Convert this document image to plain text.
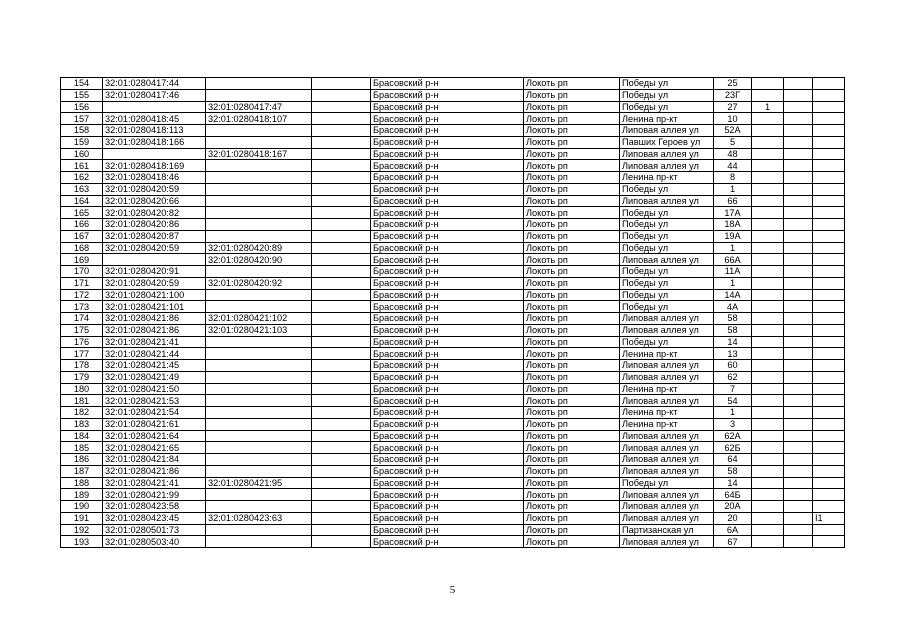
154	32:01:0280417:44			Брасовский р-н	Локоть рп	Победы ул	25			
155	32:01:0280417:46			Брасовский р-н	Локоть рп	Победы ул	23Г			
156		32:01:0280417:47		Брасовский р-н	Локоть рп	Победы ул	27	1		
157	32:01:0280418:45	32:01:0280418:107		Брасовский р-н	Локоть рп	Ленина пр-кт	10			
158	32:01:0280418:113			Брасовский р-н	Локоть рп	Липовая аллея ул	52А			
159	32:01:0280418:166			Брасовский р-н	Локоть рп	Павших Героев ул	5			
160		32:01:0280418:167		Брасовский р-н	Локоть рп	Липовая аллея ул	48			
161	32:01:0280418:169			Брасовский р-н	Локоть рп	Липовая аллея ул	44			
162	32:01:0280418:46			Брасовский р-н	Локоть рп	Ленина пр-кт	8			
163	32:01:0280420:59			Брасовский р-н	Локоть рп	Победы ул	1			
164	32:01:0280420:66			Брасовский р-н	Локоть рп	Липовая аллея ул	66			
165	32:01:0280420:82			Брасовский р-н	Локоть рп	Победы ул	17А			
166	32:01:0280420:86			Брасовский р-н	Локоть рп	Победы ул	18А			
167	32:01:0280420:87			Брасовский р-н	Локоть рп	Победы ул	19А			
168	32:01:0280420:59	32:01:0280420:89		Брасовский р-н	Локоть рп	Победы ул	1			
169		32:01:0280420:90		Брасовский р-н	Локоть рп	Липовая аллея ул	66А			
170	32:01:0280420:91			Брасовский р-н	Локоть рп	Победы ул	11А			
171	32:01:0280420:59	32:01:0280420:92		Брасовский р-н	Локоть рп	Победы ул	1			
172	32:01:0280421:100			Брасовский р-н	Локоть рп	Победы ул	14А			
173	32:01:0280421:101			Брасовский р-н	Локоть рп	Победы ул	4А			
174	32:01:0280421:86	32:01:0280421:102		Брасовский р-н	Локоть рп	Липовая аллея ул	58			
175	32:01:0280421:86	32:01:0280421:103		Брасовский р-н	Локоть рп	Липовая аллея ул	58			
176	32:01:0280421:41			Брасовский р-н	Локоть рп	Победы ул	14			
177	32:01:0280421:44			Брасовский р-н	Локоть рп	Ленина пр-кт	13			
178	32:01:0280421:45			Брасовский р-н	Локоть рп	Липовая аллея ул	60			
179	32:01:0280421:49			Брасовский р-н	Локоть рп	Липовая аллея ул	62			
180	32:01:0280421:50			Брасовский р-н	Локоть рп	Ленина пр-кт	7			
181	32:01:0280421:53			Брасовский р-н	Локоть рп	Липовая аллея ул	54			
182	32:01:0280421:54			Брасовский р-н	Локоть рп	Ленина пр-кт	1			
183	32:01:0280421:61			Брасовский р-н	Локоть рп	Ленина пр-кт	3			
184	32:01:0280421:64			Брасовский р-н	Локоть рп	Липовая аллея ул	62А			
185	32:01:0280421:65			Брасовский р-н	Локоть рп	Липовая аллея ул	62Б			
186	32:01:0280421:84			Брасовский р-н	Локоть рп	Липовая аллея ул	64			
187	32:01:0280421:86			Брасовский р-н	Локоть рп	Липовая аллея ул	58			
188	32:01:0280421:41	32:01:0280421:95		Брасовский р-н	Локоть рп	Победы ул	14			
189	32:01:0280421:99			Брасовский р-н	Локоть рп	Липовая аллея ул	64Б			
190	32:01:0280423:58			Брасовский р-н	Локоть рп	Липовая аллея ул	20А			
191	32:01:0280423:45	32:01:0280423:63		Брасовский р-н	Локоть рп	Липовая аллея ул	20			I1
192	32:01:0280501:73			Брасовский р-н	Локоть рп	Партизанская ул	6А			
193	32:01:0280503:40			Брасовский р-н	Локоть рп	Липовая аллея ул	67			
5
